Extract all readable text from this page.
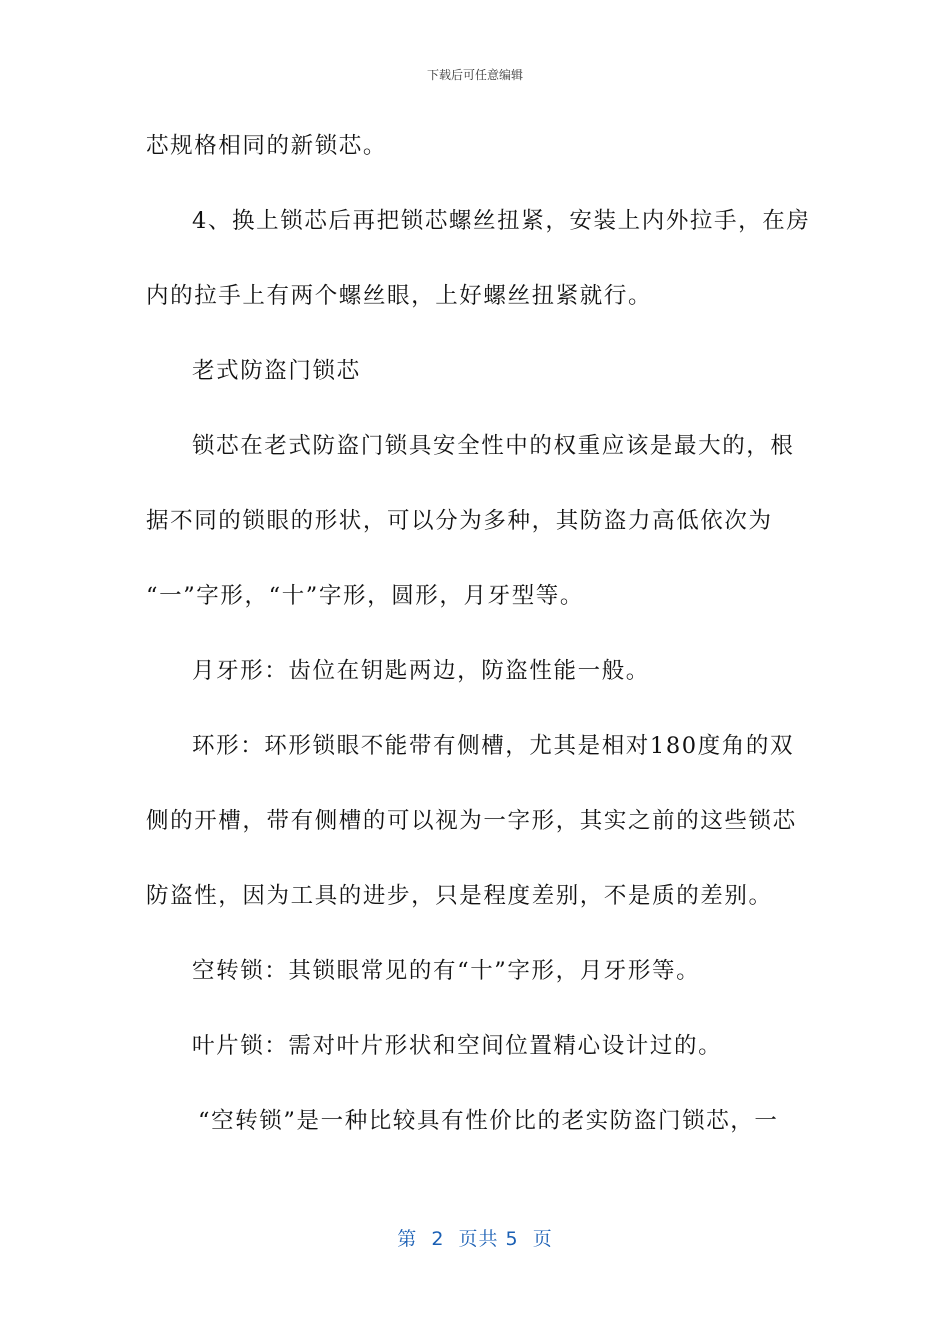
下载后可任意编辑
芯规格相同的新锁芯。
4、换上锁芯后再把锁芯螺丝扭紧，安装上内外拉手，在房
内的拉手上有两个螺丝眼，上好螺丝扭紧就行。
老式防盗门锁芯
锁芯在老式防盗门锁具安全性中的权重应该是最大的，根
据不同的锁眼的形状，可以分为多种，其防盗力高低依次为
“一”字形，“十”字形，圆形，月牙型等。
月牙形：齿位在钥匙两边，防盗性能一般。
环形：环形锁眼不能带有侧槽，尤其是相对180度角的双
侧的开槽，带有侧槽的可以视为一字形，其实之前的这些锁芯
防盗性，因为工具的进步，只是程度差别，不是质的差别。
空转锁：其锁眼常见的有“十”字形，月牙形等。
叶片锁：需对叶片形状和空间位置精心设计过的。
“空转锁”是一种比较具有性价比的老实防盗门锁芯，一
第  2  页共 5  页
